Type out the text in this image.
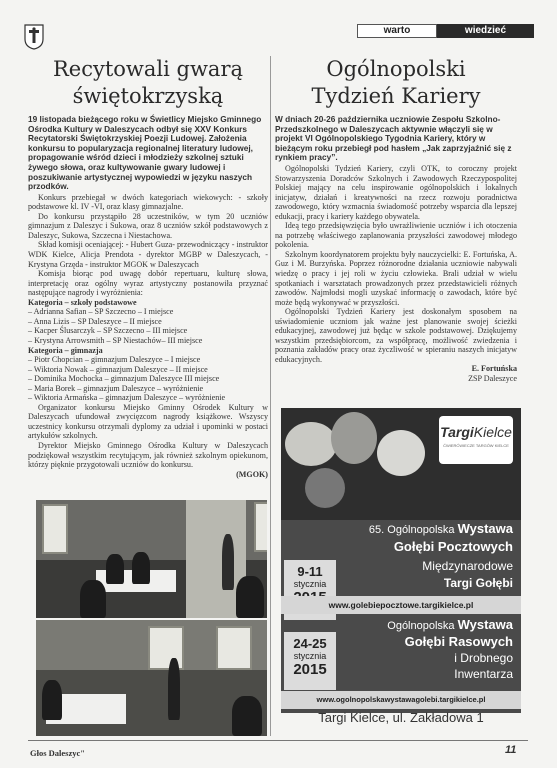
warto	wiedzieć
Recytowali gwarą świętokrzyską
19 listopada bieżącego roku w Świetlicy Miejsko Gminnego Ośrodka Kultury w Daleszycach odbył się XXV Konkurs Recytatorski Świętokrzyskiej Poezji Ludowej. Założenia konkursu to popularyzacja regionalnej literatury ludowej, propagowanie wśród dzieci i młodzieży szkolnej sztuki żywego słowa, oraz kultywowanie gwary ludowej i poszukiwanie artystycznej wypowiedzi w języku naszych przodków.

Konkurs przebiegał w dwóch kategoriach wiekowych: - szkoły podstawowe kl. IV -VI, oraz klasy gimnazjalne.

Do konkursu przystąpiło 28 uczestników, w tym 20 uczniów gimnazjum z Daleszyc i Sukowa, oraz 8 uczniów szkół podstawowych z Daleszyc, Sukowa, Szczecna i Niestachowa.

Skład komisji oceniającej: - Hubert Guza- przewodniczący - instruktor WDK Kielce, Alicja Prendota - dyrektor MGBP w Daleszycach, - Krystyna Grzęda - instruktor MGOK w Daleszycach

Komisja biorąc pod uwagę dobór repertuaru, kulturę słowa, interpretację oraz ogólny wyraz artystyczny postanowiła przyznać następujące nagrody i wyróżnienia:

Kategoria – szkoły podstawowe

– Adrianna Safian – SP Szczecno – I miejsce

– Anna Lizis – SP Daleszyce – II miejsce

– Kacper Ślusarczyk – SP Szczecno – III miejsce

– Krystyna Arrowsmith – SP Niestachów– III miejsce

Kategoria – gimnazja

– Piotr Chopcian – gimnazjum Daleszyce – I miejsce

– Wiktoria Nowak – gimnazjum Daleszyce – II miejsce

– Dominika Mochocka – gimnazjum Daleszyce III miejsce

– Maria Borek – gimnazjum Daleszyce – wyróżnienie

– Wiktoria Armańska – gimnazjum Daleszyce – wyróżnienie

Organizator konkursu Miejsko Gminny Ośrodek Kultury w Daleszycach ufundował zwycięzcom nagrody książkowe. Wszyscy uczestnicy konkursu otrzymali dyplomy za udział i upominki w postaci artykułów szkolnych.

Dyrektor Miejsko Gminnego Ośrodka Kultury w Daleszycach podziękował wszystkim recytującym, jak również szkolnym opiekunom, którzy pięknie przygotowali uczniów do konkursu.

(MGOK)

Ogólnopolski Tydzień Kariery
W dniach 20-26 października uczniowie Zespołu Szkolno-Przedszkolnego w Daleszycach aktywnie włączyli się w projekt VI Ogólnopolskiego Tygodnia Kariery, który w bieżącym roku przebiegł pod hasłem „Jak zaprzyjaźnić się z rynkiem pracy”.

Ogólnopolski Tydzień Kariery, czyli OTK, to coroczny projekt Stowarzyszenia Doradców Szkolnych i Zawodowych Rzeczypospolitej Polskiej mający na celu inspirowanie ogólnopolskich i lokalnych inicjatyw, działań i kreatywności na rzecz rozwoju poradnictwa zawodowego, który wzmacnia świadomość potrzeby wsparcia dla lepszej edukacji, pracy i kariery każdego obywatela.

Ideą tego przedsięwzięcia było uwrażliwienie uczniów i ich otoczenia na potrzebę właściwego zaplanowania przyszłości zawodowej młodego pokolenia.

Szkolnym koordynatorem projektu były nauczycielki: E. Fortuńska, A. Guz i M. Burzyńska. Poprzez różnorodne działania uczniowie nabywali wiedzę o pracy i jej roli w życiu człowieka. Brali udział w wielu spotkaniach i warsztatach prowadzonych przez przedstawicieli różnych zawodów. Najmłodsi mogli uzyskać informację o zawodach, które być może będą wykonywać w przyszłości.

Ogólnopolski Tydzień Kariery jest doskonałym sposobem na uświadomienie uczniom jak ważne jest planowanie swojej ścieżki edukacyjnej, zawodowej już będąc w szkole podstawowej. Dziękujemy wszystkim przedsiębiorcom, za współpracę, możliwość zwiedzenia i poznania zakładów pracy oraz życzliwość w spieraniu naszych inicjatyw edukacyjnych.

E. Fortuńska

ZSP Daleszyce

TargiKielce
ĆWIERĆWIECZE TARGÓW KIELCE
65. Ogólnopolska Wystawa
Gołębi Pocztowych
9-11
stycznia
Międzynarodowe
Targi Gołębi
www.golebiepocztowe.targikielce.pl
Ogólnopolska Wystawa
Gołębi Rasowych
i Drobnego
Inwentarza
24-25
stycznia
2015
www.ogolnopolskawystawagolebi.targikielce.pl
Targi Kielce, ul. Zakładowa 1
Głos Daleszyc"	11
